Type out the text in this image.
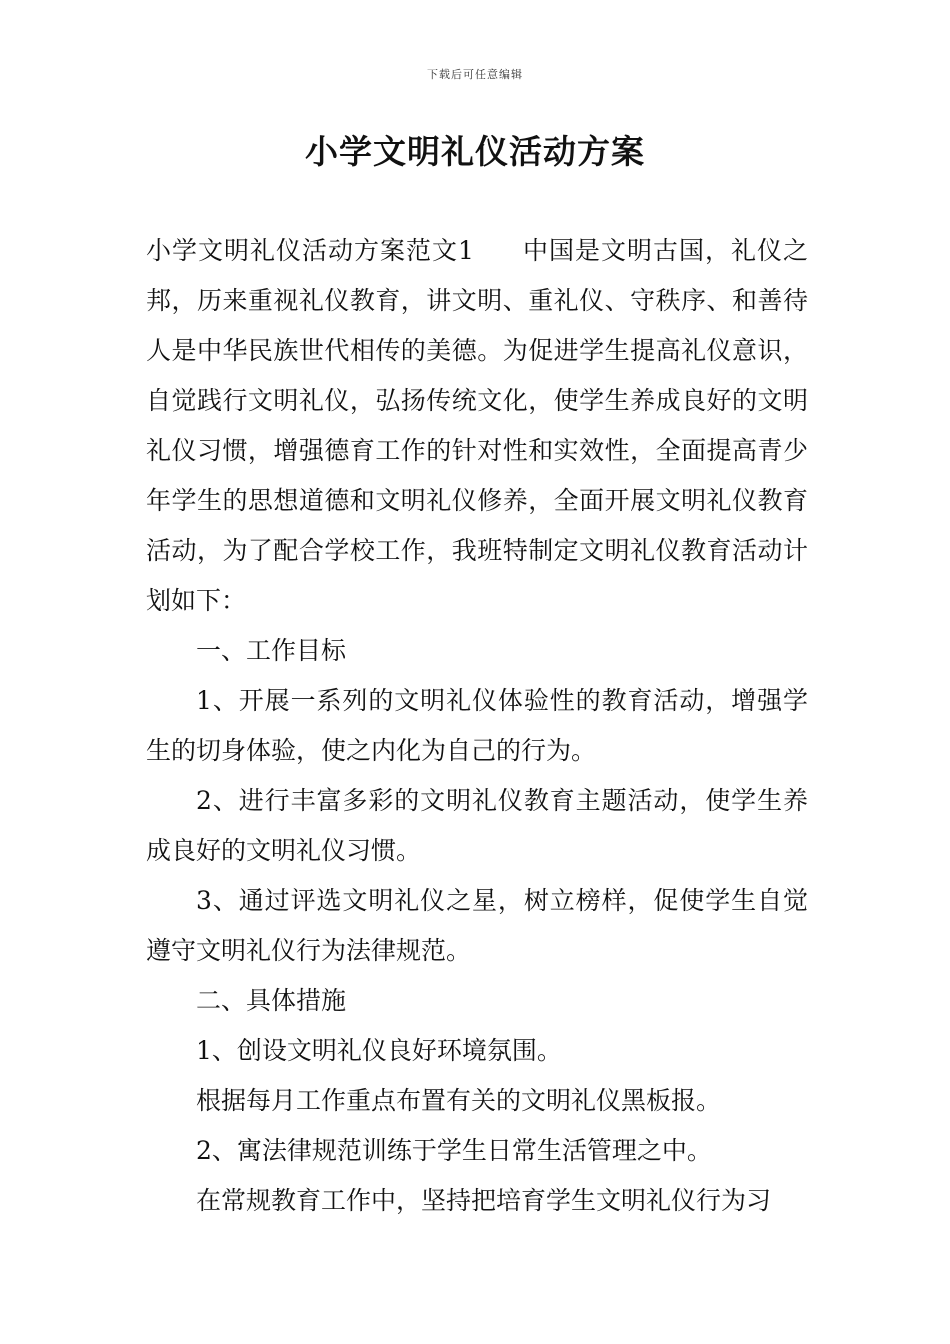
下载后可任意编辑
小学文明礼仪活动方案

小学文明礼仪活动方案范文1 中国是文明古国，礼仪之邦，历来重视礼仪教育，讲文明、重礼仪、守秩序、和善待人是中华民族世代相传的美德。为促进学生提高礼仪意识，自觉践行文明礼仪，弘扬传统文化，使学生养成良好的文明礼仪习惯，增强德育工作的针对性和实效性，全面提高青少年学生的思想道德和文明礼仪修养，全面开展文明礼仪教育活动，为了配合学校工作，我班特制定文明礼仪教育活动计划如下：

一、工作目标

1、开展一系列的文明礼仪体验性的教育活动，增强学生的切身体验，使之内化为自己的行为。

2、进行丰富多彩的文明礼仪教育主题活动，使学生养成良好的文明礼仪习惯。

3、通过评选文明礼仪之星，树立榜样，促使学生自觉遵守文明礼仪行为法律规范。

二、具体措施

1、创设文明礼仪良好环境氛围。

根据每月工作重点布置有关的文明礼仪黑板报。

2、寓法律规范训练于学生日常生活管理之中。

在常规教育工作中，坚持把培育学生文明礼仪行为习
